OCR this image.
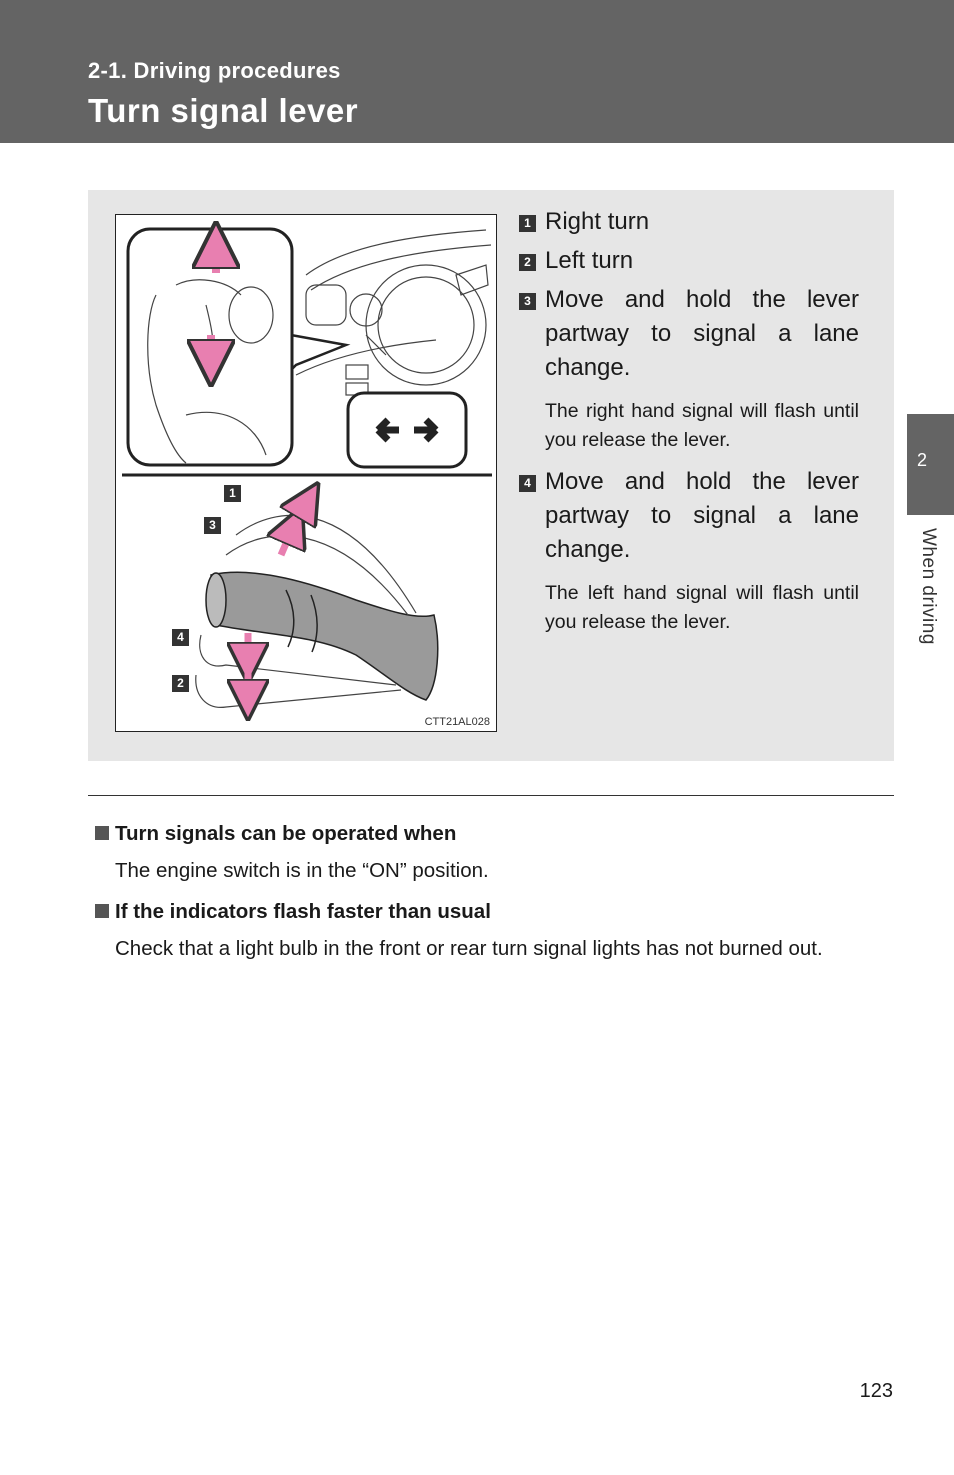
2-1. Driving procedures
Turn signal lever
2
When driving
1
3
4
2
CTT21AL028
1 Right turn
2 Left turn
3 Move and hold the lever partway to signal a lane change.
The right hand signal will flash until you release the lever.
4 Move and hold the lever partway to signal a lane change.
The left hand signal will flash until you release the lever.
Turn signals can be operated when
The engine switch is in the “ON” position.
If the indicators flash faster than usual
Check that a light bulb in the front or rear turn signal lights has not burned out.
123
